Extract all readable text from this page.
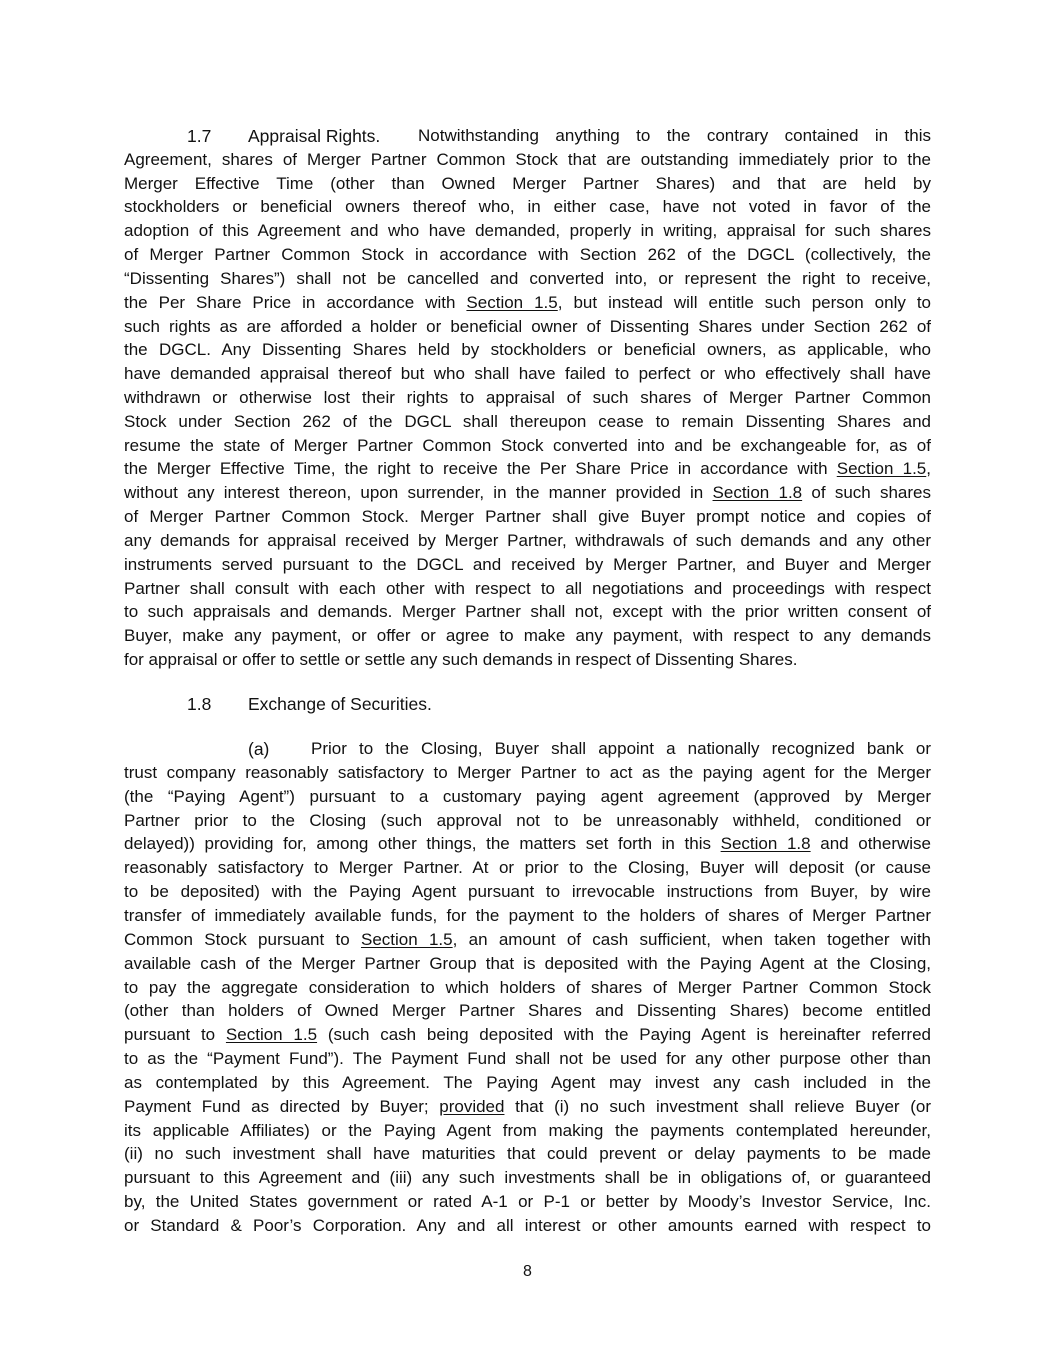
1.7 Appraisal Rights. Notwithstanding anything to the contrary contained in this
Agreement, shares of Merger Partner Common Stock that are outstanding immediately prior to the
Merger Effective Time (other than Owned Merger Partner Shares) and that are held by
stockholders or beneficial owners thereof who, in either case, have not voted in favor of the
adoption of this Agreement and who have demanded, properly in writing, appraisal for such shares
of Merger Partner Common Stock in accordance with Section 262 of the DGCL (collectively, the
“Dissenting Shares”) shall not be cancelled and converted into, or represent the right to receive,
the Per Share Price in accordance with Section 1.5, but instead will entitle such person only to
such rights as are afforded a holder or beneficial owner of Dissenting Shares under Section 262 of
the DGCL. Any Dissenting Shares held by stockholders or beneficial owners, as applicable, who
have demanded appraisal thereof but who shall have failed to perfect or who effectively shall have
withdrawn or otherwise lost their rights to appraisal of such shares of Merger Partner Common
Stock under Section 262 of the DGCL shall thereupon cease to remain Dissenting Shares and
resume the state of Merger Partner Common Stock converted into and be exchangeable for, as of
the Merger Effective Time, the right to receive the Per Share Price in accordance with Section 1.5,
without any interest thereon, upon surrender, in the manner provided in Section 1.8 of such shares
of Merger Partner Common Stock. Merger Partner shall give Buyer prompt notice and copies of
any demands for appraisal received by Merger Partner, withdrawals of such demands and any other
instruments served pursuant to the DGCL and received by Merger Partner, and Buyer and Merger
Partner shall consult with each other with respect to all negotiations and proceedings with respect
to such appraisals and demands. Merger Partner shall not, except with the prior written consent of
Buyer, make any payment, or offer or agree to make any payment, with respect to any demands
for appraisal or offer to settle or settle any such demands in respect of Dissenting Shares.
1.8 Exchange of Securities.
(a) Prior to the Closing, Buyer shall appoint a nationally recognized bank or
trust company reasonably satisfactory to Merger Partner to act as the paying agent for the Merger
(the “Paying Agent”) pursuant to a customary paying agent agreement (approved by Merger
Partner prior to the Closing (such approval not to be unreasonably withheld, conditioned or
delayed)) providing for, among other things, the matters set forth in this Section 1.8 and otherwise
reasonably satisfactory to Merger Partner. At or prior to the Closing, Buyer will deposit (or cause
to be deposited) with the Paying Agent pursuant to irrevocable instructions from Buyer, by wire
transfer of immediately available funds, for the payment to the holders of shares of Merger Partner
Common Stock pursuant to Section 1.5, an amount of cash sufficient, when taken together with
available cash of the Merger Partner Group that is deposited with the Paying Agent at the Closing,
to pay the aggregate consideration to which holders of shares of Merger Partner Common Stock
(other than holders of Owned Merger Partner Shares and Dissenting Shares) become entitled
pursuant to Section 1.5 (such cash being deposited with the Paying Agent is hereinafter referred
to as the “Payment Fund”). The Payment Fund shall not be used for any other purpose other than
as contemplated by this Agreement. The Paying Agent may invest any cash included in the
Payment Fund as directed by Buyer; provided that (i) no such investment shall relieve Buyer (or
its applicable Affiliates) or the Paying Agent from making the payments contemplated hereunder,
(ii) no such investment shall have maturities that could prevent or delay payments to be made
pursuant to this Agreement and (iii) any such investments shall be in obligations of, or guaranteed
by, the United States government or rated A-1 or P-1 or better by Moody’s Investor Service, Inc.
or Standard & Poor’s Corporation. Any and all interest or other amounts earned with respect to
8
